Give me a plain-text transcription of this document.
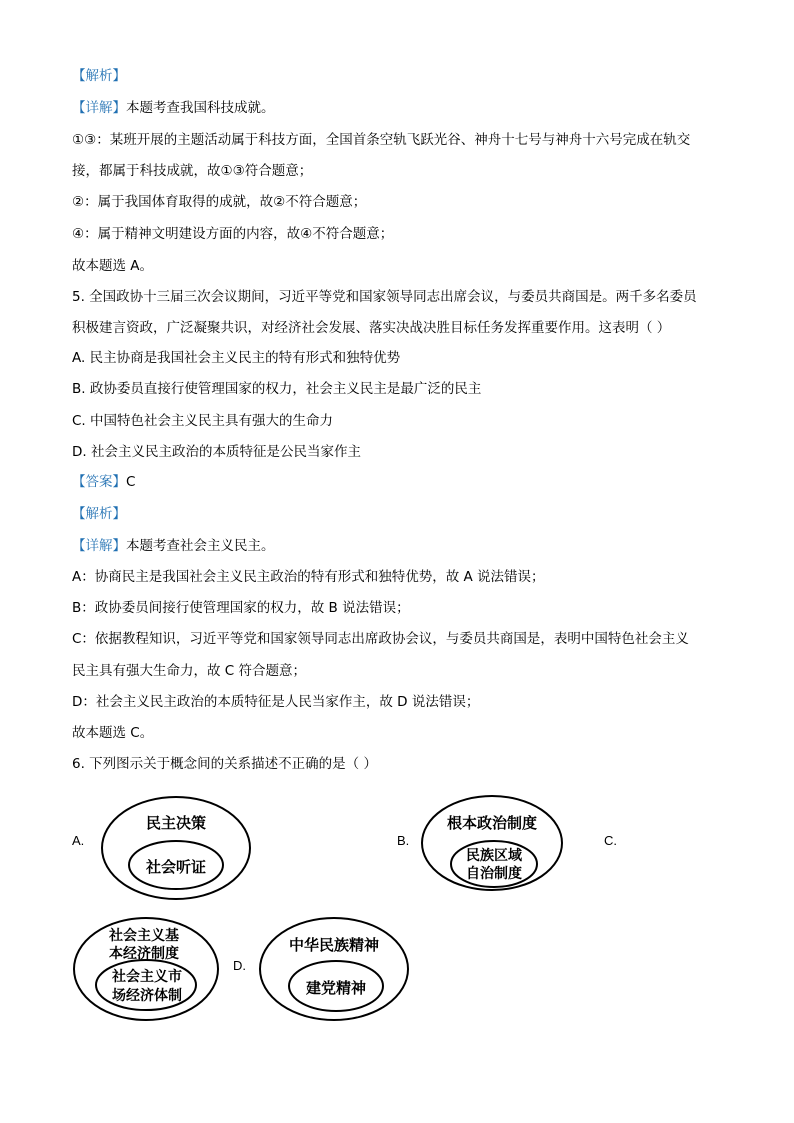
【解析】
【详解】本题考查我国科技成就。
①③：某班开展的主题活动属于科技方面，全国首条空轨飞跃光谷、神舟十七号与神舟十六号完成在轨交
接，都属于科技成就，故①③符合题意；
②：属于我国体育取得的成就，故②不符合题意；
④：属于精神文明建设方面的内容，故④不符合题意；
故本题选 A。
5. 全国政协十三届三次会议期间，习近平等党和国家领导同志出席会议，与委员共商国是。两千多名委员
积极建言资政，广泛凝聚共识，对经济社会发展、落实决战决胜目标任务发挥重要作用。这表明（ ）
A. 民主协商是我国社会主义民主的特有形式和独特优势
B. 政协委员直接行使管理国家的权力，社会主义民主是最广泛的民主
C. 中国特色社会主义民主具有强大的生命力
D. 社会主义民主政治的本质特征是公民当家作主
【答案】C
【解析】
【详解】本题考查社会主义民主。
A：协商民主是我国社会主义民主政治的特有形式和独特优势，故 A 说法错误；
B：政协委员间接行使管理国家的权力，故 B 说法错误；
C：依据教程知识，习近平等党和国家领导同志出席政协会议，与委员共商国是，表明中国特色社会主义
民主具有强大生命力，故 C 符合题意；
D：社会主义民主政治的本质特征是人民当家作主，故 D 说法错误；
故本题选 C。
6. 下列图示关于概念间的关系描述不正确的是（ ）
A.	B.	C.
D.
民主决策
社会听证
根本政治制度
民族区域
自治制度
社会主义基
本经济制度
社会主义市
场经济体制
中华民族精神
建党精神
